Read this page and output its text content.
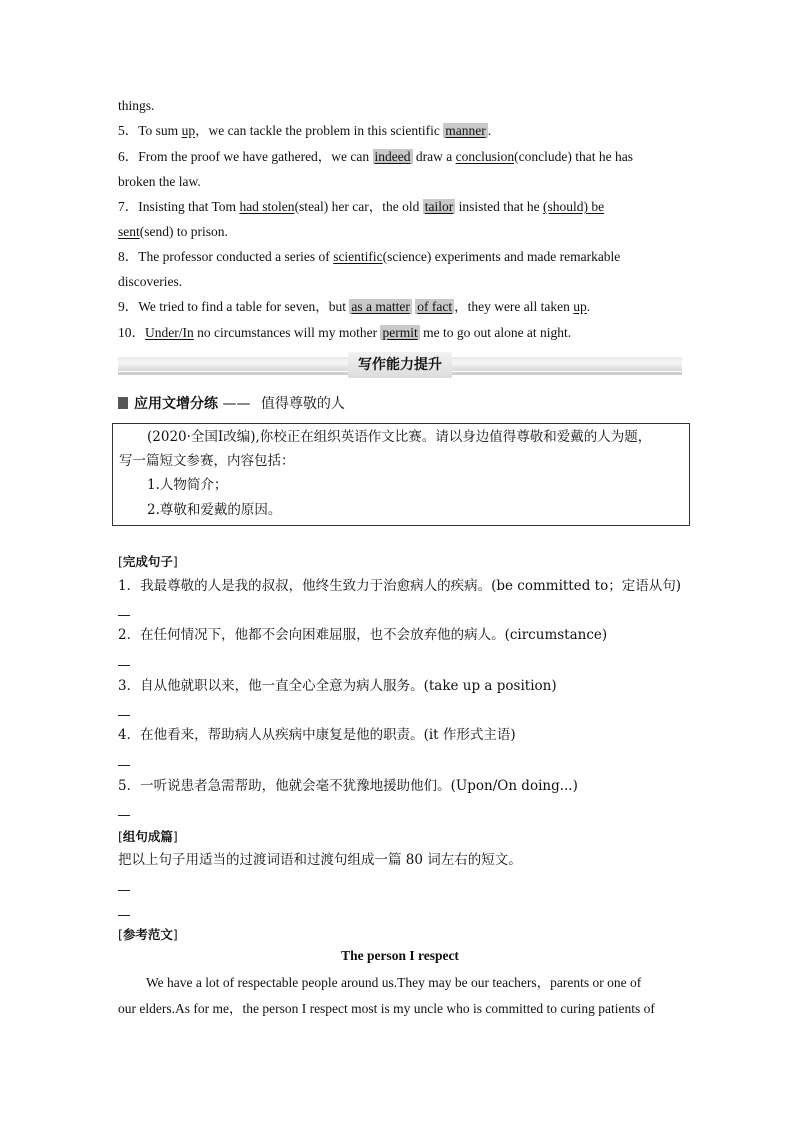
things.
5．To sum up，we can tackle the problem in this scientific manner .
6．From the proof we have gathered，we can indeed draw a conclusion(conclude) that he has
broken the law.
7．Insisting that Tom had stolen(steal) her car，the old tailor insisted that he (should) be
sent(send) to prison.
8．The professor conducted a series of scientific(science) experiments and made remarkable
discoveries.
9．We tried to find a table for seven，but as a matter of fact ，they were all taken up.
10．Under/In no circumstances will my mother permit me to go out alone at night.
写作能力提升
应用文增分练 —— 值得尊敬的人
(2020·全国Ⅰ改编),你校正在组织英语作文比赛。请以身边值得尊敬和爱戴的人为题，
写一篇短文参赛，内容包括：
1.人物简介；
2.尊敬和爱戴的原因。
[完成句子]
1．我最尊敬的人是我的叔叔，他终生致力于治愈病人的疾病。(be committed to；定语从句)
2．在任何情况下，他都不会向困难屈服，也不会放弃他的病人。(circumstance)
3．自从他就职以来，他一直全心全意为病人服务。(take up a position)
4．在他看来，帮助病人从疾病中康复是他的职责。(it 作形式主语)
5．一听说患者急需帮助，他就会毫不犹豫地援助他们。(Upon/On doing...)
[组句成篇]
把以上句子用适当的过渡词语和过渡句组成一篇 80 词左右的短文。
[参考范文]
The person I respect
We have a lot of respectable people around us.They may be our teachers，parents or one of
our elders.As for me，the person I respect most is my uncle who is committed to curing patients of
